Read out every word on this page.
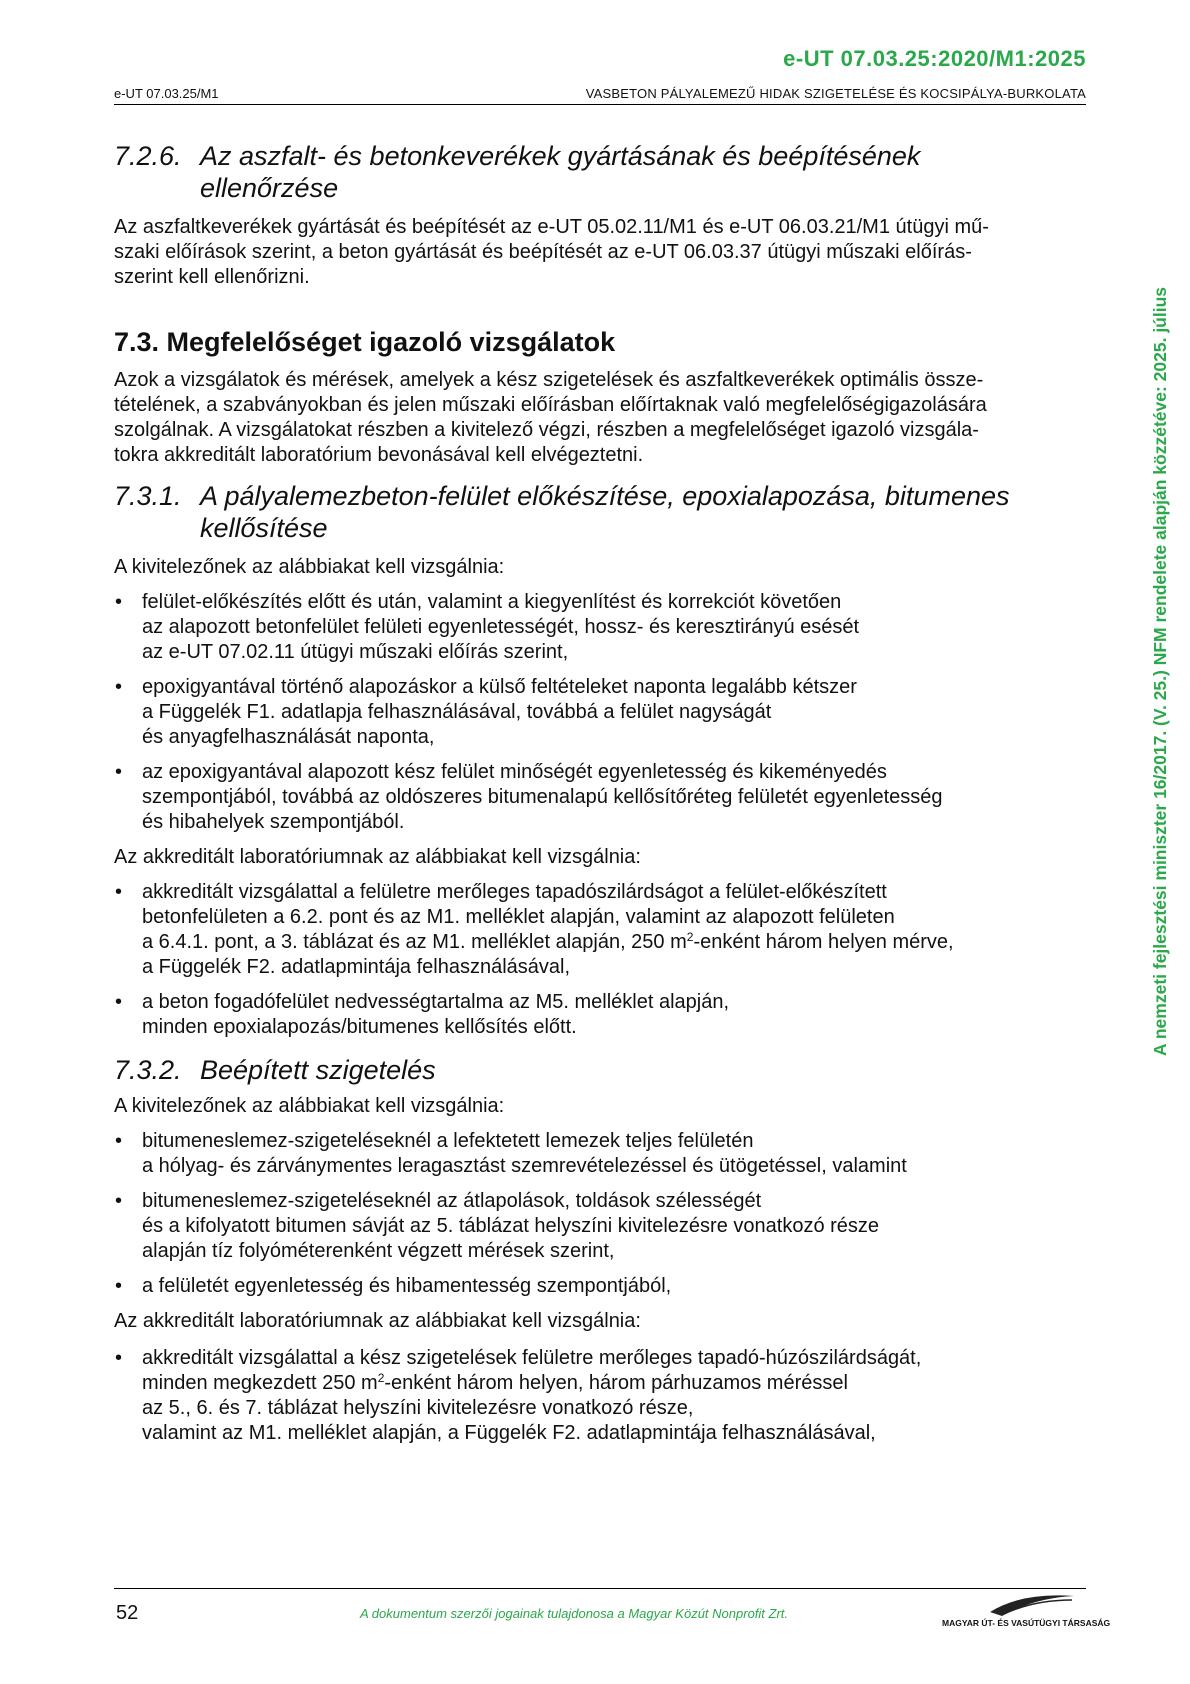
e-UT 07.03.25:2020/M1:2025
e-UT 07.03.25/M1	VASBETON PÁLYALEMEZŰ HIDAK SZIGETELÉSE ÉS KOCSIPÁLYA-BURKOLATA
A nemzeti fejlesztési miniszter 16/2017. (V. 25.) NFM rendelete alapján közzétéve: 2025. július
7.2.6. Az aszfalt- és betonkeverékek gyártásának és beépítésének
ellenőrzése

Az aszfaltkeverékek gyártását és beépítését az e-UT 05.02.11/M1 és e-UT 06.03.21/M1 útügyi mű-
szaki előírások szerint, a beton gyártását és beépítését az e-UT 06.03.37 útügyi műszaki előírás-
szerint kell ellenőrizni.

7.3. Megfelelőséget igazoló vizsgálatok

Azok a vizsgálatok és mérések, amelyek a kész szigetelések és aszfaltkeverékek optimális össze-
tételének, a szabványokban és jelen műszaki előírásban előírtaknak való megfelelőségigazolására
szolgálnak. A vizsgálatokat részben a kivitelező végzi, részben a megfelelőséget igazoló vizsgála-
tokra akkreditált laboratórium bevonásával kell elvégeztetni.

7.3.1. A pályalemezbeton-felület előkészítése, epoxialapozása, bitumenes
kellősítése

A kivitelezőnek az alábbiakat kell vizsgálnia:

• felület-előkészítés előtt és után, valamint a kiegyenlítést és korrekciót követően
az alapozott betonfelület felületi egyenletességét, hossz- és keresztirányú esését
az e-UT 07.02.11 útügyi műszaki előírás szerint,
• epoxigyantával történő alapozáskor a külső feltételeket naponta legalább kétszer
a Függelék F1. adatlapja felhasználásával, továbbá a felület nagyságát
és anyagfelhasználását naponta,
• az epoxigyantával alapozott kész felület minőségét egyenletesség és kikeményedés
szempontjából, továbbá az oldószeres bitumenalapú kellősítőréteg felületét egyenletesség
és hibahelyek szempontjából.

Az akkreditált laboratóriumnak az alábbiakat kell vizsgálnia:

• akkreditált vizsgálattal a felületre merőleges tapadószilárdságot a felület-előkészített
betonfelületen a 6.2. pont és az M1. melléklet alapján, valamint az alapozott felületen
a 6.4.1. pont, a 3. táblázat és az M1. melléklet alapján, 250 $m^2$-enként három helyen mérve,
a Függelék F2. adatlapmintája felhasználásával,
• a beton fogadófelület nedvességtartalma az M5. melléklet alapján,
minden epoxialapozás/bitumenes kellősítés előtt.
7.3.2. Beépített szigetelés

A kivitelezőnek az alábbiakat kell vizsgálnia:

• bitumeneslemez-szigeteléseknél a lefektetett lemezek teljes felületén
a hólyag- és zárványmentes leragasztást szemrevételezéssel és ütögetéssel, valamint
• bitumeneslemez-szigeteléseknél az átlapolások, toldások szélességét
és a kifolyatott bitumen sávját az 5. táblázat helyszíni kivitelezésre vonatkozó része
alapján tíz folyóméterenként végzett mérések szerint,
• a felületét egyenletesség és hibamentesség szempontjából,

Az akkreditált laboratóriumnak az alábbiakat kell vizsgálnia:

• akkreditált vizsgálattal a kész szigetelések felületre merőleges tapadó-húzószilárdságát,
minden megkezdett 250 $m^2$-enként három helyen, három párhuzamos méréssel
az 5., 6. és 7. táblázat helyszíni kivitelezésre vonatkozó része,
valamint az M1. melléklet alapján, a Függelék F2. adatlapmintája felhasználásával,
52	A dokumentum szerzői jogainak tulajdonosa a Magyar Közút Nonprofit Zrt.
MAGYAR ÚT- ÉS VASÚTÜGYI TÁRSASÁG
